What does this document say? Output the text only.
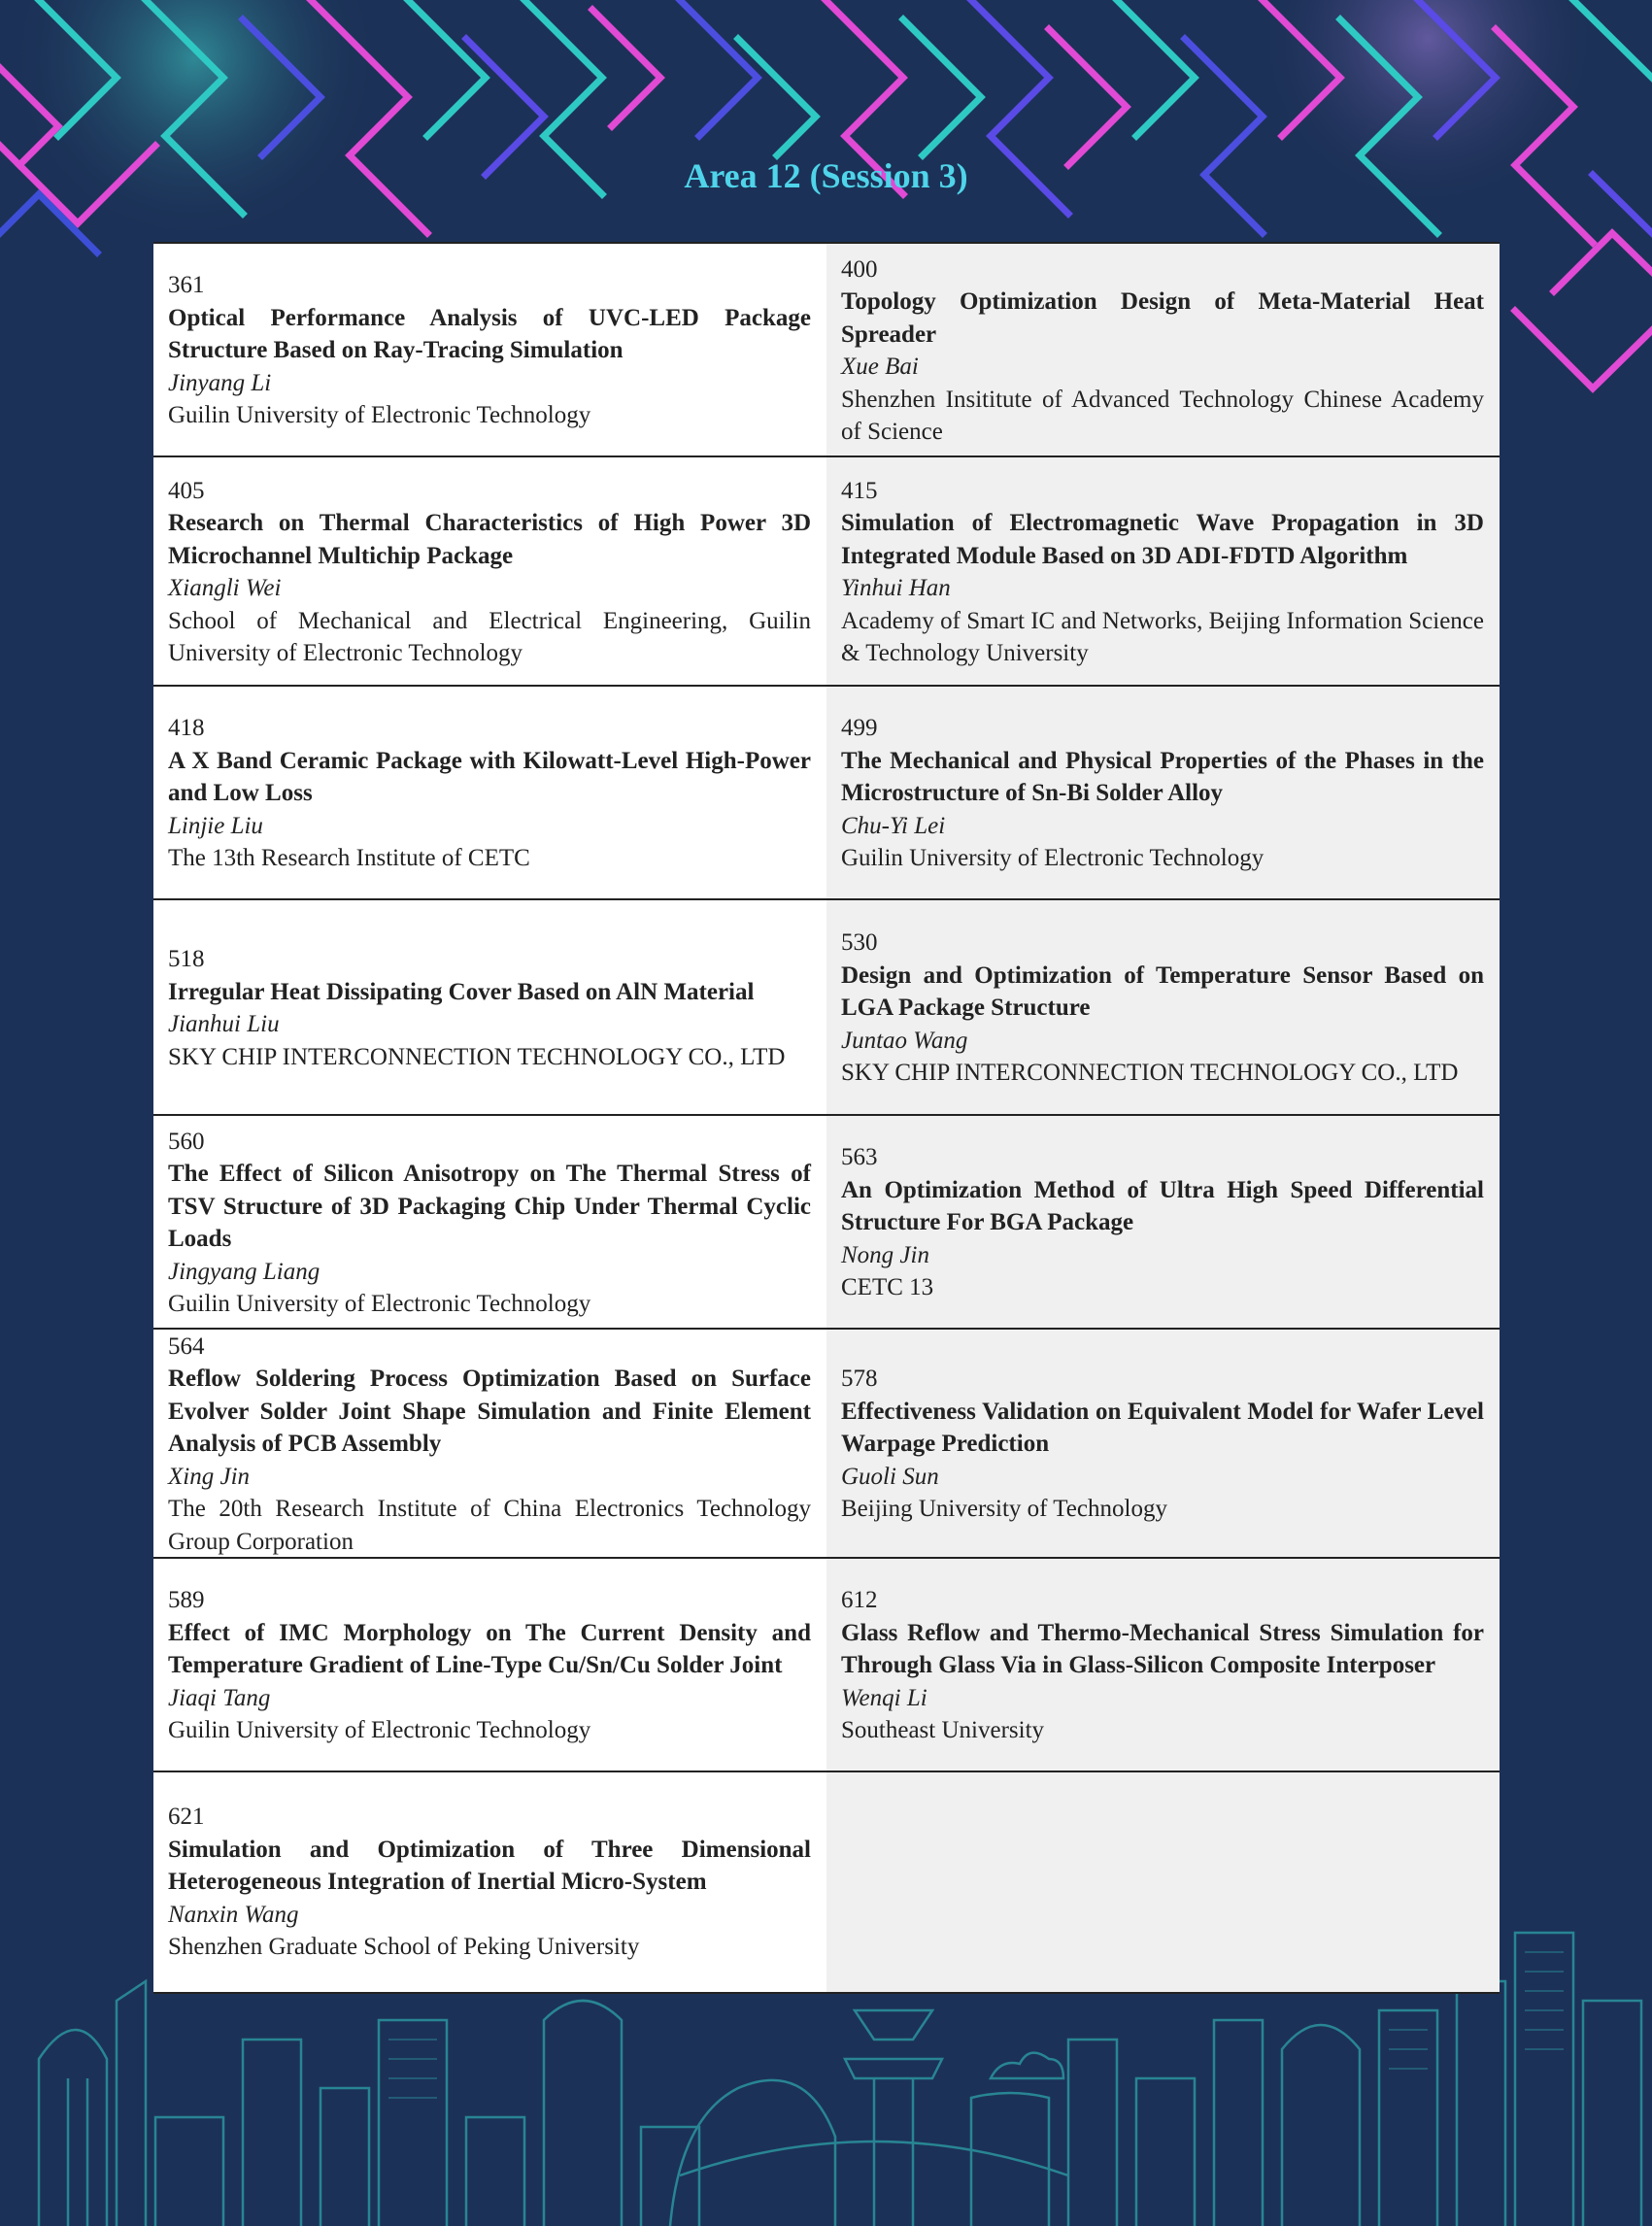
Area 12 (Session 3)
361
Optical Performance Analysis of UVC-LED Package Structure Based on Ray-Tracing Simulation
Jinyang Li
Guilin University of Electronic Technology
400
Topology Optimization Design of Meta-Material Heat Spreader
Xue Bai
Shenzhen Insititute of Advanced Technology Chinese Academy of Science
405
Research on Thermal Characteristics of High Power 3D Microchannel Multichip Package
Xiangli Wei
School of Mechanical and Electrical Engineering, Guilin University of Electronic Technology
415
Simulation of Electromagnetic Wave Propagation in 3D Integrated Module Based on 3D ADI-FDTD Algorithm
Yinhui Han
Academy of Smart IC and Networks, Beijing Information Science & Technology University
418
A X Band Ceramic Package with Kilowatt-Level High-Power and Low Loss
Linjie Liu
The 13th Research Institute of CETC
499
The Mechanical and Physical Properties of the Phases in the Microstructure of Sn-Bi Solder Alloy
Chu-Yi Lei
Guilin University of Electronic Technology
518
Irregular Heat Dissipating Cover Based on AlN Material
Jianhui Liu
SKY CHIP INTERCONNECTION TECHNOLOGY CO., LTD
530
Design and Optimization of Temperature Sensor Based on LGA Package Structure
Juntao Wang
SKY CHIP INTERCONNECTION TECHNOLOGY CO., LTD
560
The Effect of Silicon Anisotropy on The Thermal Stress of TSV Structure of 3D Packaging Chip Under Thermal Cyclic Loads
Jingyang Liang
Guilin University of Electronic Technology
563
An Optimization Method of Ultra High Speed Differential Structure For BGA Package
Nong Jin
CETC 13
564
Reflow Soldering Process Optimization Based on Surface Evolver Solder Joint Shape Simulation and Finite Element Analysis of PCB Assembly
Xing Jin
The 20th Research Institute of China Electronics Technology Group Corporation
578
Effectiveness Validation on Equivalent Model for Wafer Level Warpage Prediction
Guoli Sun
Beijing University of Technology
589
Effect of IMC Morphology on The Current Density and Temperature Gradient of Line-Type Cu/Sn/Cu Solder Joint
Jiaqi Tang
Guilin University of Electronic Technology
612
Glass Reflow and Thermo-Mechanical Stress Simulation for Through Glass Via in Glass-Silicon Composite Interposer
Wenqi Li
Southeast University
621
Simulation and Optimization of Three Dimensional Heterogeneous Integration of Inertial Micro-System
Nanxin Wang
Shenzhen Graduate School of Peking University
